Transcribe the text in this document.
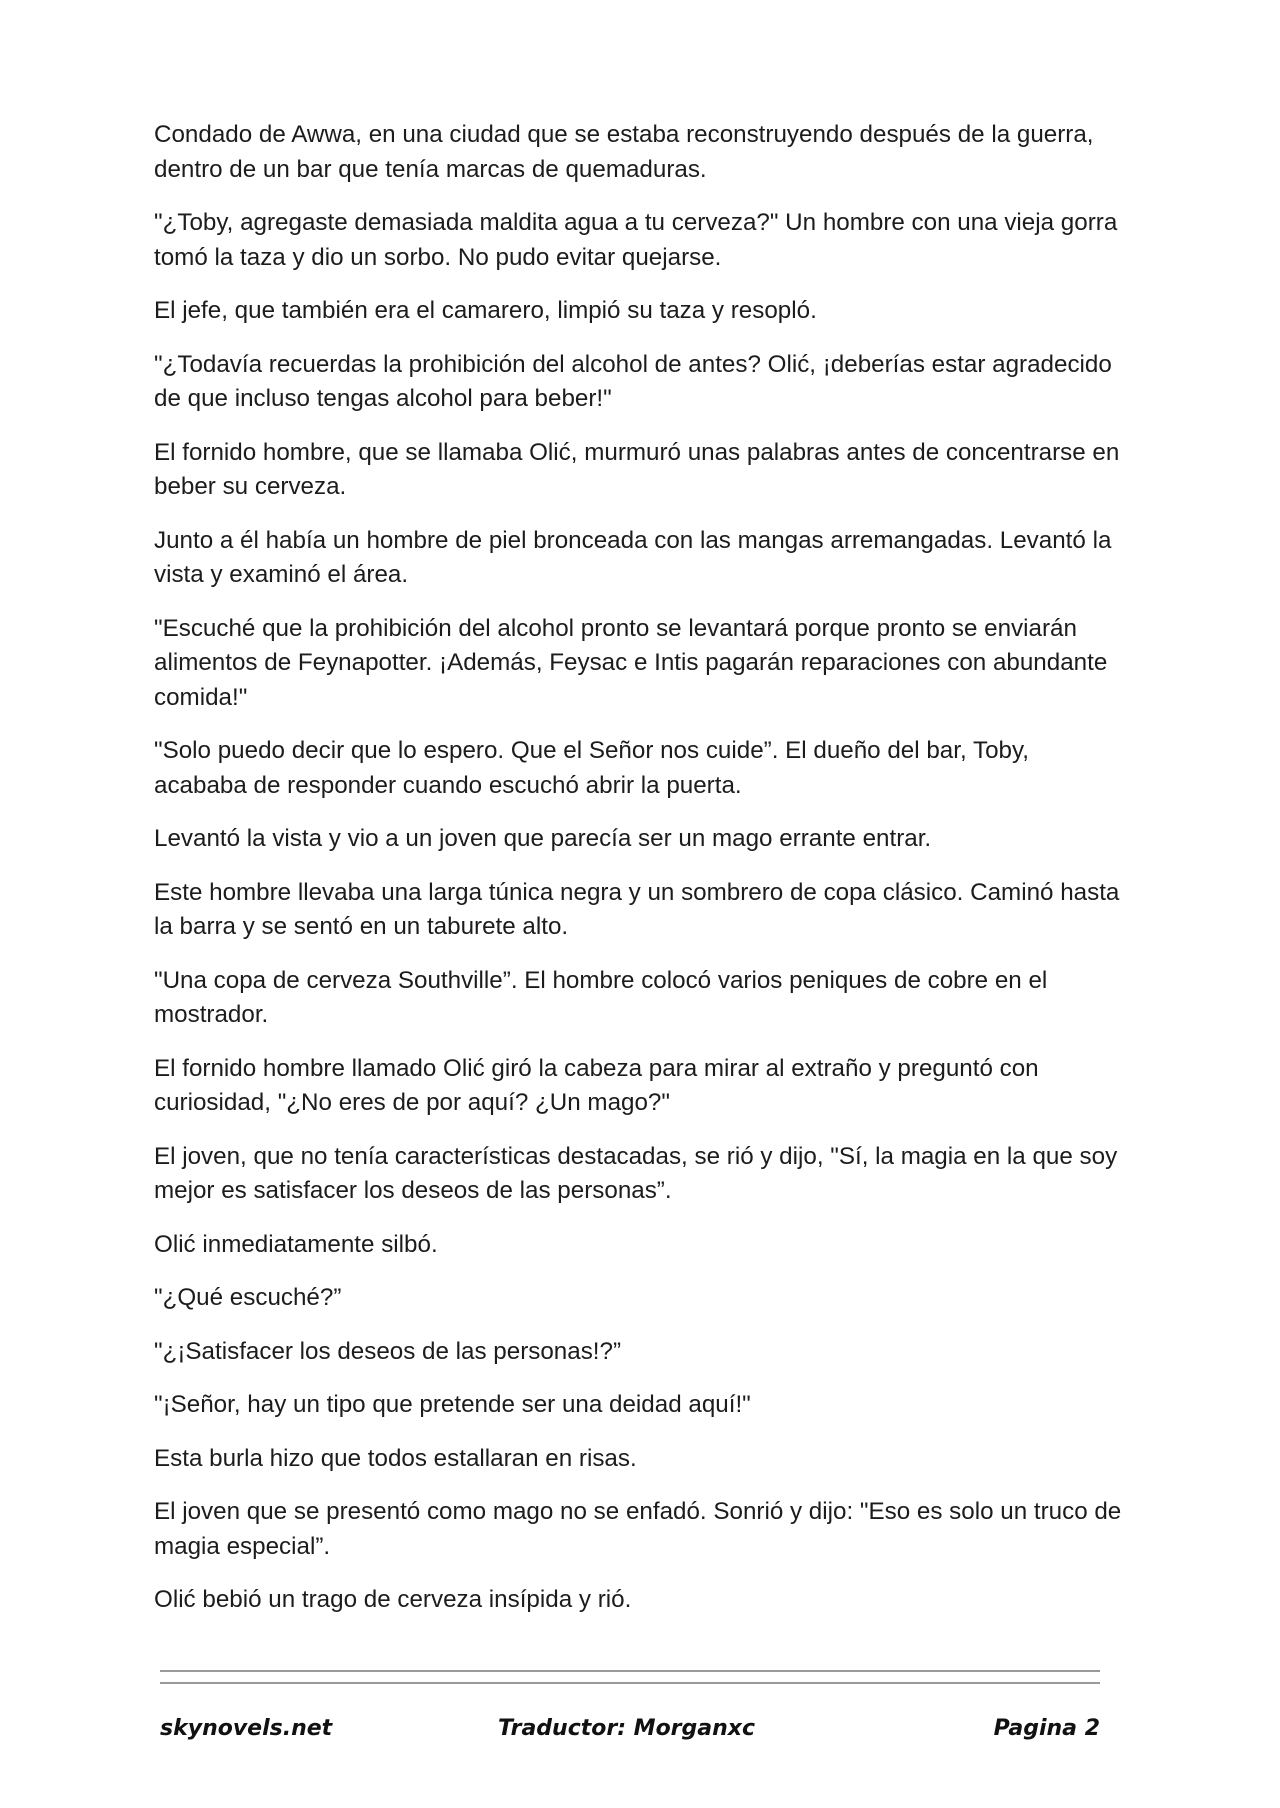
Condado de Awwa, en una ciudad que se estaba reconstruyendo después de la guerra, dentro de un bar que tenía marcas de quemaduras.

"¿Toby, agregaste demasiada maldita agua a tu cerveza?" Un hombre con una vieja gorra tomó la taza y dio un sorbo. No pudo evitar quejarse.

El jefe, que también era el camarero, limpió su taza y resopló.

"¿Todavía recuerdas la prohibición del alcohol de antes? Olić, ¡deberías estar agradecido de que incluso tengas alcohol para beber!"

El fornido hombre, que se llamaba Olić, murmuró unas palabras antes de concentrarse en beber su cerveza.

Junto a él había un hombre de piel bronceada con las mangas arremangadas. Levantó la vista y examinó el área.

"Escuché que la prohibición del alcohol pronto se levantará porque pronto se enviarán alimentos de Feynapotter. ¡Además, Feysac e Intis pagarán reparaciones con abundante comida!"

"Solo puedo decir que lo espero. Que el Señor nos cuide”. El dueño del bar, Toby, acababa de responder cuando escuchó abrir la puerta.

Levantó la vista y vio a un joven que parecía ser un mago errante entrar.

Este hombre llevaba una larga túnica negra y un sombrero de copa clásico. Caminó hasta la barra y se sentó en un taburete alto.

"Una copa de cerveza Southville”. El hombre colocó varios peniques de cobre en el mostrador.

El fornido hombre llamado Olić giró la cabeza para mirar al extraño y preguntó con curiosidad, "¿No eres de por aquí? ¿Un mago?"

El joven, que no tenía características destacadas, se rió y dijo, "Sí, la magia en la que soy mejor es satisfacer los deseos de las personas”.

Olić inmediatamente silbó.

"¿Qué escuché?”

"¿¡Satisfacer los deseos de las personas!?”

"¡Señor, hay un tipo que pretende ser una deidad aquí!"

Esta burla hizo que todos estallaran en risas.

El joven que se presentó como mago no se enfadó. Sonrió y dijo: "Eso es solo un truco de magia especial”.

Olić bebió un trago de cerveza insípida y rió.

skynovels.net	Traductor: Morganxc	Pagina 2
